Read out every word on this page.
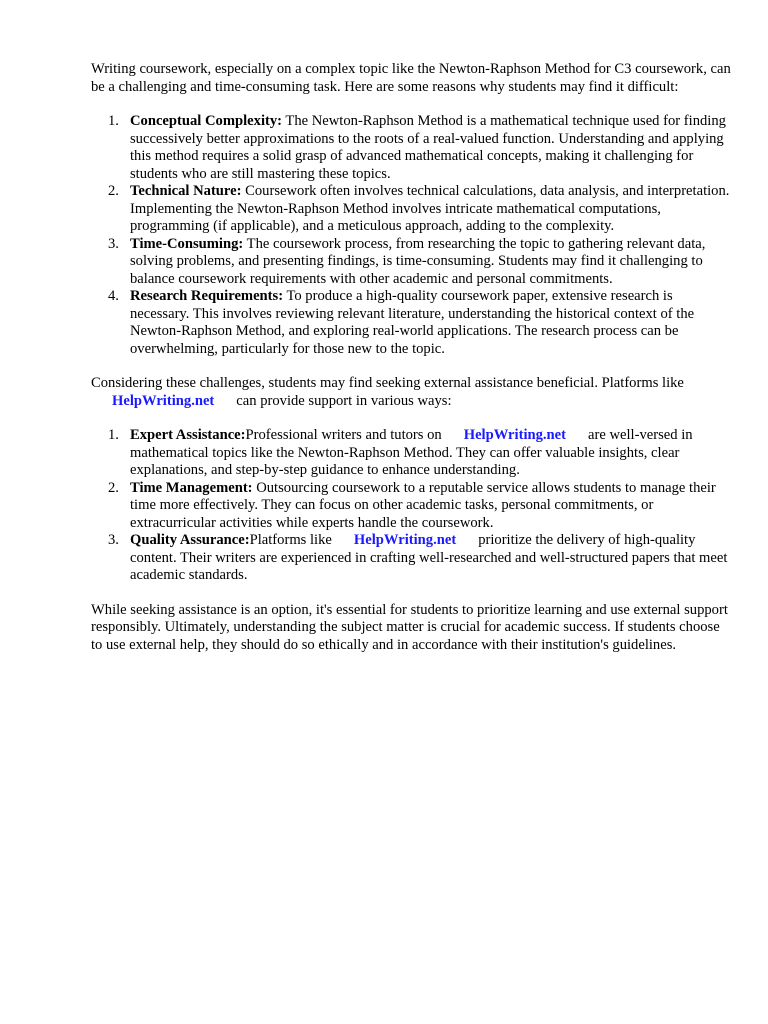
Writing coursework, especially on a complex topic like the Newton-Raphson Method for C3 coursework, can be a challenging and time-consuming task. Here are some reasons why students may find it difficult:

1. Conceptual Complexity: The Newton-Raphson Method is a mathematical technique used for finding successively better approximations to the roots of a real-valued function. Understanding and applying this method requires a solid grasp of advanced mathematical concepts, making it challenging for students who are still mastering these topics.
2. Technical Nature: Coursework often involves technical calculations, data analysis, and interpretation. Implementing the Newton-Raphson Method involves intricate mathematical computations, programming (if applicable), and a meticulous approach, adding to the complexity.
3. Time-Consuming: The coursework process, from researching the topic to gathering relevant data, solving problems, and presenting findings, is time-consuming. Students may find it challenging to balance coursework requirements with other academic and personal commitments.
4. Research Requirements: To produce a high-quality coursework paper, extensive research is necessary. This involves reviewing relevant literature, understanding the historical context of the Newton-Raphson Method, and exploring real-world applications. The research process can be overwhelming, particularly for those new to the topic.

Considering these challenges, students may find seeking external assistance beneficial. Platforms like
HelpWriting.net can provide support in various ways:

1. Expert Assistance:Professional writers and tutors on HelpWriting.net are well-versed in mathematical topics like the Newton-Raphson Method. They can offer valuable insights, clear explanations, and step-by-step guidance to enhance understanding.
2. Time Management: Outsourcing coursework to a reputable service allows students to manage their time more effectively. They can focus on other academic tasks, personal commitments, or extracurricular activities while experts handle the coursework.
3. Quality Assurance:Platforms like HelpWriting.net prioritize the delivery of high-quality content. Their writers are experienced in crafting well-researched and well-structured papers that meet academic standards.

While seeking assistance is an option, it's essential for students to prioritize learning and use external support responsibly. Ultimately, understanding the subject matter is crucial for academic success. If students choose to use external help, they should do so ethically and in accordance with their institution's guidelines.
